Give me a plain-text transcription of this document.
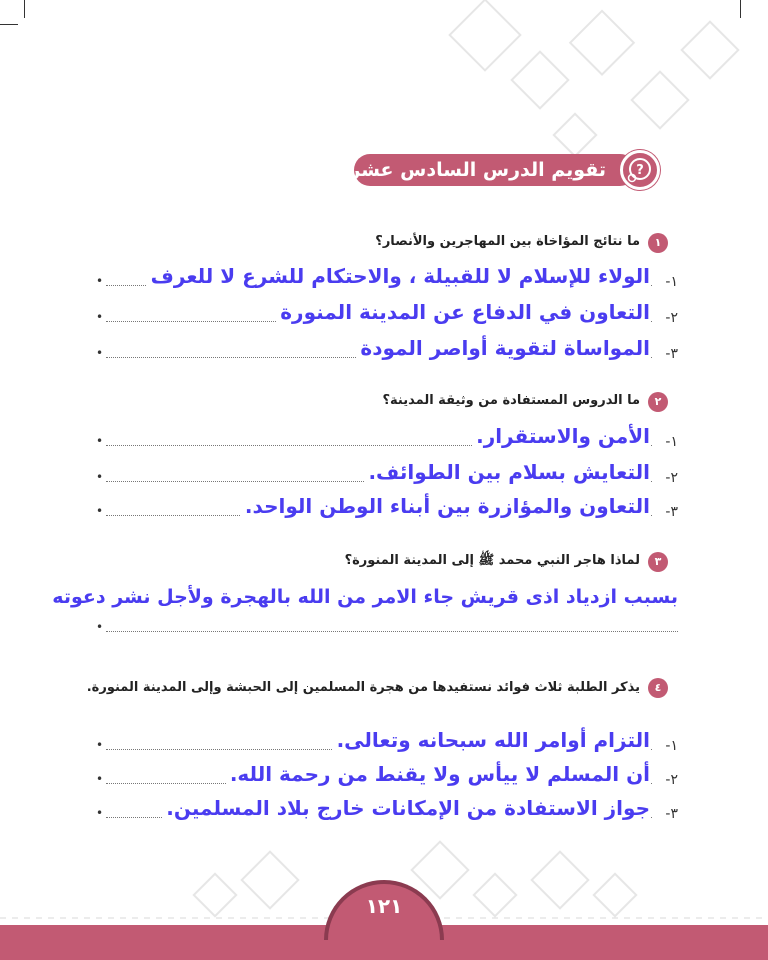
تقويم الدرس السادس عشر ?
١
ما نتائج المؤاخاة بين المهاجرين والأنصار؟
•	١-
الولاء للإسلام لا للقبيلة ، والاحتكام للشرع لا للعرف
•	٢-
التعاون في الدفاع عن المدينة المنورة
•	٣-
المواساة لتقوية أواصر المودة
٢
ما الدروس المستفادة من وثيقة المدينة؟
•	١-
الأمن والاستقرار.
•	٢-
التعايش بسلام بين الطوائف.
•	٣-
التعاون والمؤازرة بين أبناء الوطن الواحد.
٣
لماذا هاجر النبي محمد ﷺ إلى المدينة المنورة؟
بسبب ازدياد اذى قريش جاء الامر من الله بالهجرة ولأجل نشر دعوته
•
٤
يذكر الطلبة ثلاث فوائد نستفيدها من هجرة المسلمين إلى الحبشة وإلى المدينة المنورة.
•	١-
التزام أوامر الله سبحانه وتعالى.
•	٢-
أن المسلم لا ييأس ولا يقنط من رحمة الله.
•	٣-
جواز الاستفادة من الإمكانات خارج بلاد المسلمين.
١٢١
